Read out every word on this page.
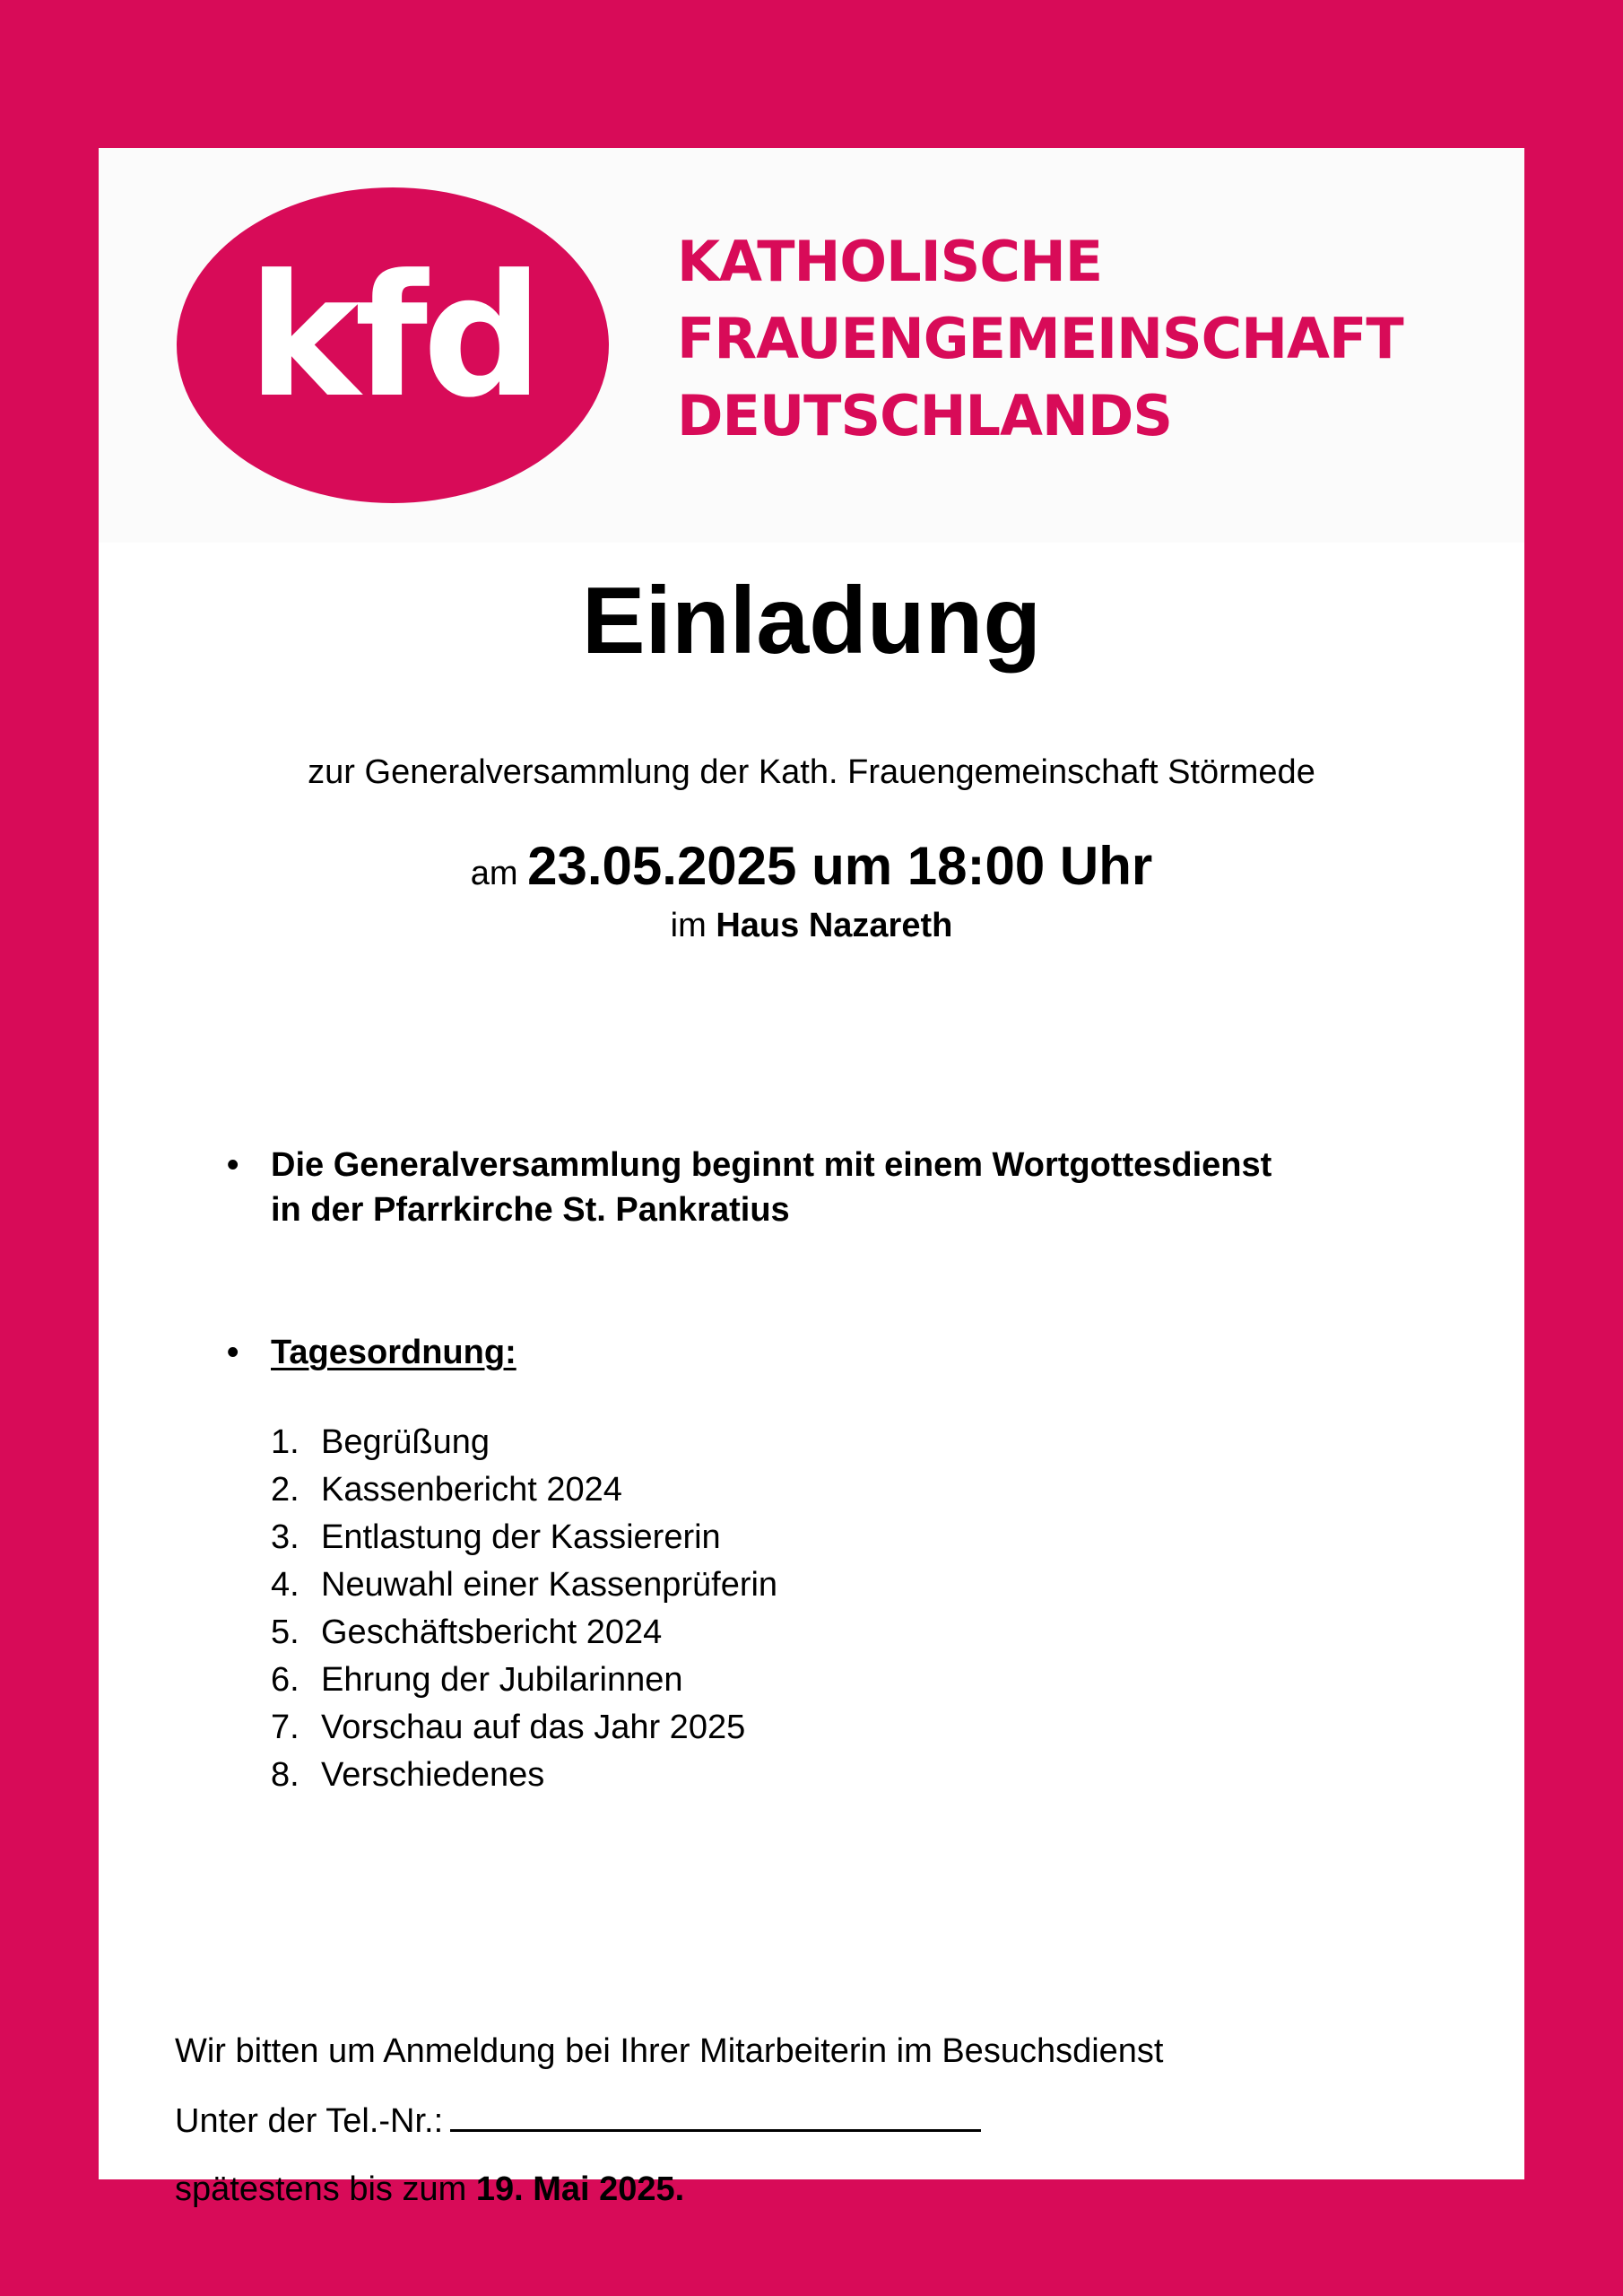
kfd	KATHOLISCHE
FRAUENGEMEINSCHAFT
DEUTSCHLANDS
Einladung
zur Generalversammlung der Kath. Frauengemeinschaft Störmede
am 23.05.2025 um 18:00 Uhr
im Haus Nazareth
• Die Generalversammlung beginnt mit einem Wortgottesdienst
in der Pfarrkirche St. Pankratius
• Tagesordnung:
1. Begrüßung
2. Kassenbericht 2024
3. Entlastung der Kassiererin
4. Neuwahl einer Kassenprüferin
5. Geschäftsbericht 2024
6. Ehrung der Jubilarinnen
7. Vorschau auf das Jahr 2025
8. Verschiedenes
Wir bitten um Anmeldung bei Ihrer Mitarbeiterin im Besuchsdienst
Unter der Tel.-Nr.:
spätestens bis zum 19. Mai 2025.
